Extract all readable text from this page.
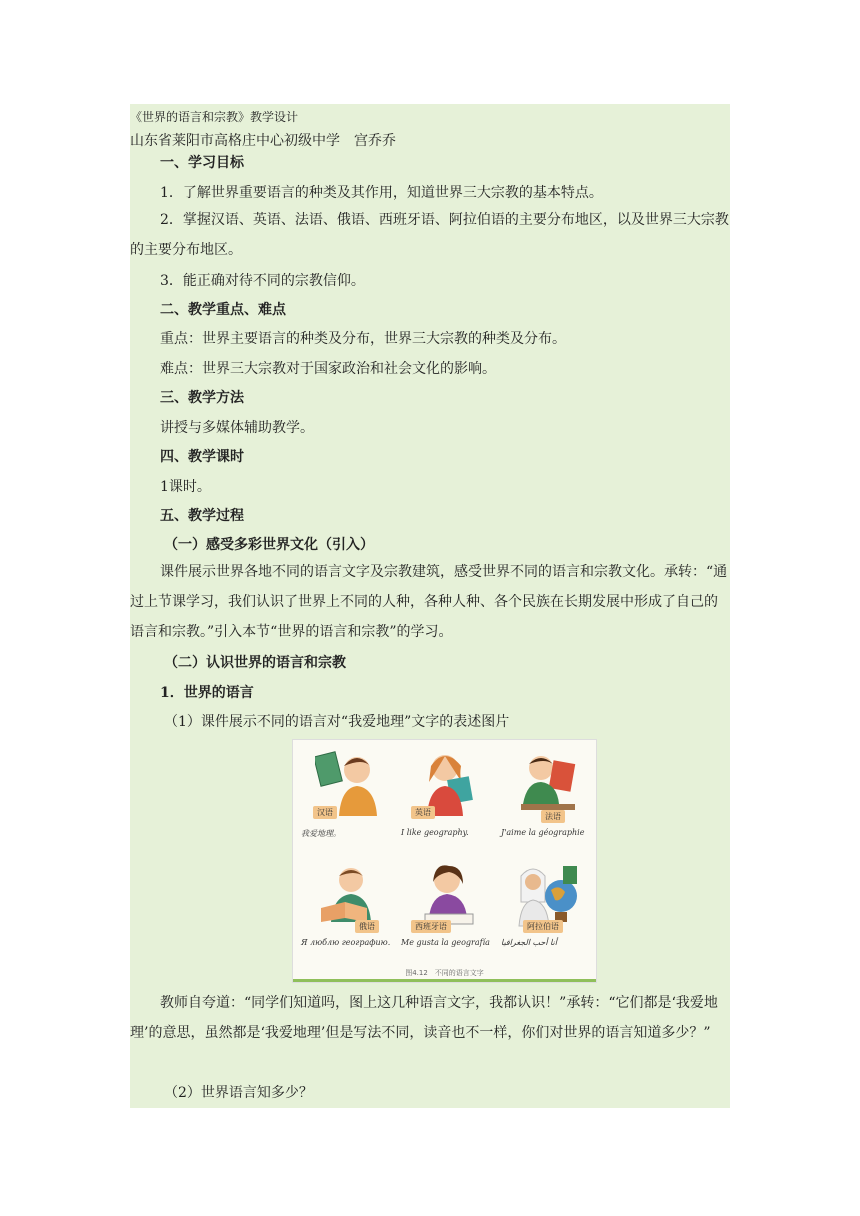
《世界的语言和宗教》教学设计
山东省莱阳市高格庄中心初级中学　宫乔乔
一、学习目标
1．了解世界重要语言的种类及其作用，知道世界三大宗教的基本特点。
2．掌握汉语、英语、法语、俄语、西班牙语、阿拉伯语的主要分布地区，以及世界三大宗教的主要分布地区。
3．能正确对待不同的宗教信仰。
二、教学重点、难点
重点：世界主要语言的种类及分布，世界三大宗教的种类及分布。
难点：世界三大宗教对于国家政治和社会文化的影响。
三、教学方法
讲授与多媒体辅助教学。
四、教学课时
1课时。
五、教学过程
（一）感受多彩世界文化（引入）
课件展示世界各地不同的语言文字及宗教建筑，感受世界不同的语言和宗教文化。承转：“通过上节课学习，我们认识了世界上不同的人种，各种人种、各个民族在长期发展中形成了自己的语言和宗教。”引入本节“世界的语言和宗教”的学习。
（二）认识世界的语言和宗教
1．世界的语言
（1）课件展示不同的语言对“我爱地理”文字的表述图片
汉语
我爱地理。
英语
I like geography.
法语
J'aime la géographie
俄语
Я люблю географию.
西班牙语
Me gusta la geografía
阿拉伯语
أنا أحب الجغرافيا
图4.12　不同的语言文字
教师自夸道：“同学们知道吗，图上这几种语言文字，我都认识！”承转：“它们都是‘我爱地理’的意思，虽然都是‘我爱地理’但是写法不同，读音也不一样，你们对世界的语言知道多少？”
（2）世界语言知多少？
